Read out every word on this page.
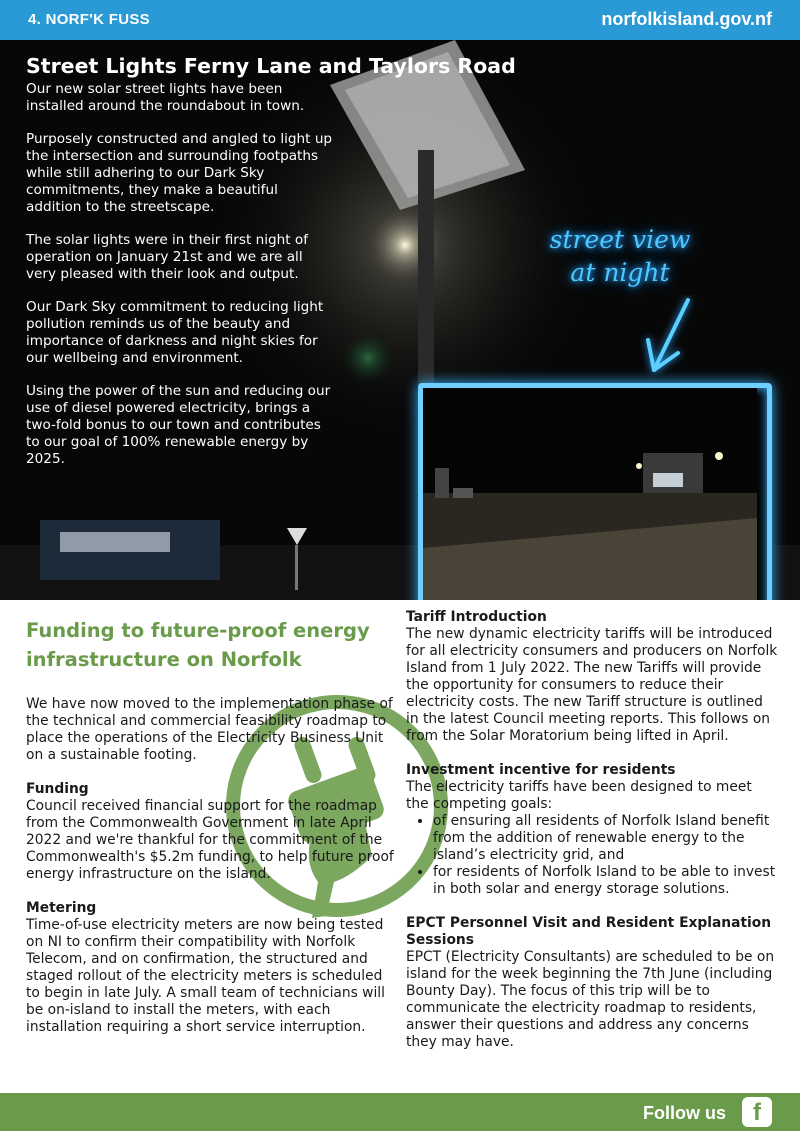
4. NORF'K FUSS	norfolkisland.gov.nf
Street Lights Ferny Lane and Taylors Road

Our new solar street lights have been installed around the roundabout in town.

Purposely constructed and angled to light up the intersection and surrounding footpaths while still adhering to our Dark Sky commitments, they make a beautiful addition to the streetscape.

The solar lights were in their first night of operation on January 21st and we are all very pleased with their look and output.

Our Dark Sky commitment to reducing light pollution reminds us of the beauty and importance of darkness and night skies for our wellbeing and environment.

Using the power of the sun and reducing our use of diesel powered electricity, brings a two-fold bonus to our town and contributes to our goal of 100% renewable energy by 2025.

street view
at night
Funding to future-proof energy infrastructure on Norfolk

We have now moved to the implementation phase of the technical and commercial feasibility roadmap to place the operations of the Electricity Business Unit on a sustainable footing.

Funding

Council received financial support for the roadmap from the Commonwealth Government in late April 2022 and we're thankful for the commitment of the Commonwealth's $5.2m funding, to help future proof energy infrastructure on the island.

Metering

Time-of-use electricity meters are now being tested on NI to confirm their compatibility with Norfolk Telecom, and on confirmation, the structured and staged rollout of the electricity meters is scheduled to begin in late July. A small team of technicians will be on-island to install the meters, with each installation requiring a short service interruption.

Tariff Introduction

The new dynamic electricity tariffs will be introduced for all electricity consumers and producers on Norfolk Island from 1 July 2022. The new Tariffs will provide the opportunity for consumers to reduce their electricity costs. The new Tariff structure is outlined in the latest Council meeting reports. This follows on from the Solar Moratorium being lifted in April.

Investment incentive for residents

The electricity tariffs have been designed to meet the competing goals:

• of ensuring all residents of Norfolk Island benefit from the addition of renewable energy to the island’s electricity grid, and
• for residents of Norfolk Island to be able to invest in both solar and energy storage solutions.

EPCT Personnel Visit and Resident Explanation Sessions

EPCT (Electricity Consultants) are scheduled to be on island for the week beginning the 7th June (including Bounty Day). The focus of this trip will be to communicate the electricity roadmap to residents, answer their questions and address any concerns they may have.

Follow us	f
